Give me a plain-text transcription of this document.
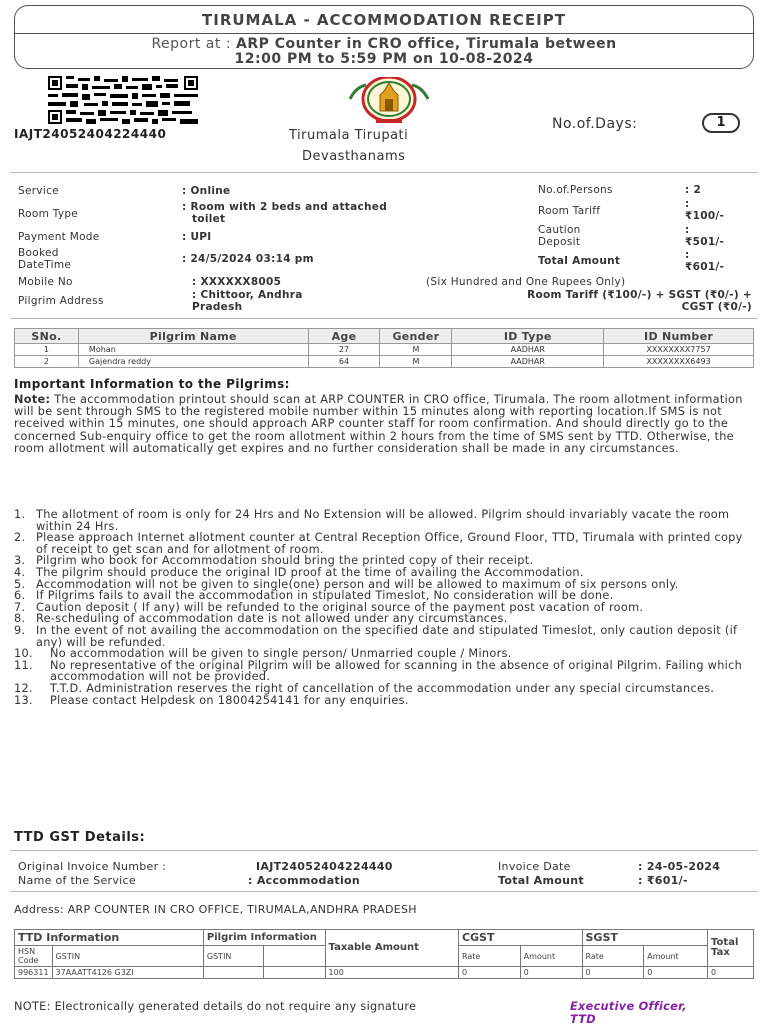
TIRUMALA - ACCOMMODATION RECEIPT
Report at : ARP Counter in CRO office, Tirumala between
12:00 PM to 5:59 PM on 10-08-2024
IAJT24052404224440	Tirumala Tirupati
Devasthanams
No.of.Days:	1
Service	: Online
Room Type
: Room with 2 beds and attached
toilet
Payment Mode	: UPI
Booked
DateTime	: 24/5/2024 03:14 pm
Mobile No	: XXXXXX8005
Pilgrim Address	: Chittoor, Andhra
Pradesh
No.of.Persons	: 2
Room Tariff
:
₹100/-
Caution
Deposit
:
₹501/-
Total Amount	:
₹601/-
(Six Hundred and One Rupees Only)
Room Tariff (₹100/-) + SGST (₹0/-) +
CGST (₹0/-)
SNo.	Pilgrim Name	Age	Gender	ID Type	ID Number
1	Mohan	27	M	AADHAR	XXXXXXXX7757
2	Gajendra reddy	64	M	AADHAR	XXXXXXXX6493
Important Information to the Pilgrims:
Note: The accommodation printout should scan at ARP COUNTER in CRO office, Tirumala. The room allotment information will be sent through SMS to the registered mobile number within 15 minutes along with reporting location.If SMS is not received within 15 minutes, one should approach ARP counter staff for room confirmation. And should directly go to the concerned Sub-enquiry office to get the room allotment within 2 hours from the time of SMS sent by TTD. Otherwise, the room allotment will automatically get expires and no further consideration shall be made in any circumstances.
1. The allotment of room is only for 24 Hrs and No Extension will be allowed. Pilgrim should invariably vacate the room within 24 Hrs.
2. Please approach Internet allotment counter at Central Reception Office, Ground Floor, TTD, Tirumala with printed copy of receipt to get scan and for allotment of room.
3. Pilgrim who book for Accommodation should bring the printed copy of their receipt.
4. The pilgrim should produce the original ID proof at the time of availing the Accommodation.
5. Accommodation will not be given to single(one) person and will be allowed to maximum of six persons only.
6. If Pilgrims fails to avail the accommodation in stipulated Timeslot, No consideration will be done.
7. Caution deposit ( If any) will be refunded to the original source of the payment post vacation of room.
8. Re-scheduling of accommodation date is not allowed under any circumstances.
9. In the event of not availing the accommodation on the specified date and stipulated Timeslot, only caution deposit (if any) will be refunded.
10.	No accommodation will be given to single person/ Unmarried couple / Minors.
11.	No representative of the original Pilgrim will be allowed for scanning in the absence of original Pilgrim. Failing which accommodation will not be provided.
12.	T.T.D. Administration reserves the right of cancellation of the accommodation under any special circumstances.
13.	Please contact Helpdesk on 18004254141 for any enquiries.
TTD GST Details:
Original Invoice Number :	IAJT24052404224440	Invoice Date	: 24-05-2024
Name of the Service	: Accommodation	Total Amount	: ₹601/-
Address: ARP COUNTER IN CRO OFFICE, TIRUMALA,ANDHRA PRADESH
TTD Information		Pilgrim Information		Taxable Amount	CGST		SGST		Total Tax
HSN Code	GSTIN	GSTIN			Rate	Amount	Rate	Amount	
996311	37AAATT4126 G3ZI			100	0	0	0	0	0
NOTE: Electronically generated details do not require any signature	Executive Officer,
TTD
